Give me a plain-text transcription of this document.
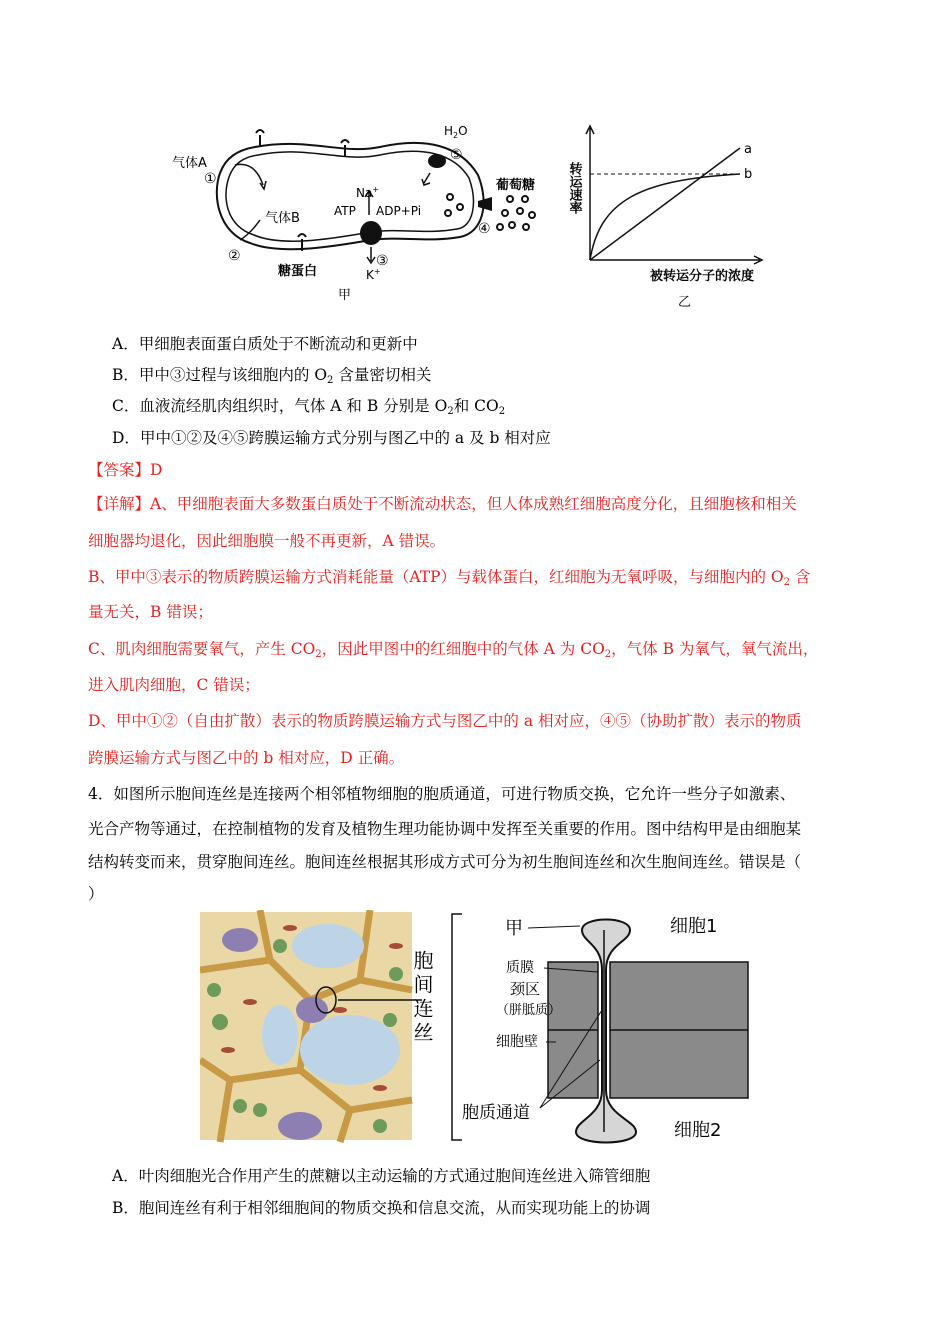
气体A
①
气体B
②
糖蛋白
Na+
ATP ADP+Pi
③
K+
$H_2O$
⑤
葡萄糖
④
甲
a
b
转运速率
被转运分子的浓度
乙
A．甲细胞表面蛋白质处于不断流动和更新中
B．甲中③过程与该细胞内的 $O_2$ 含量密切相关
C．血液流经肌肉组织时，气体 A 和 B 分别是 $O_2$和 $CO_2$
D．甲中①②及④⑤跨膜运输方式分别与图乙中的 a 及 b 相对应
【答案】D
【详解】A、甲细胞表面大多数蛋白质处于不断流动状态，但人体成熟红细胞高度分化，且细胞核和相关
细胞器均退化，因此细胞膜一般不再更新，A 错误。
B、甲中③表示的物质跨膜运输方式消耗能量（ATP）与载体蛋白，红细胞为无氧呼吸，与细胞内的 $O_2$ 含
量无关，B 错误；
C、肌肉细胞需要氧气，产生 $CO_2$，因此甲图中的红细胞中的气体 A 为 $CO_2$，气体 B 为氧气，氧气流出，
进入肌肉细胞，C 错误；
D、甲中①②（自由扩散）表示的物质跨膜运输方式与图乙中的 a 相对应，④⑤（协助扩散）表示的物质
跨膜运输方式与图乙中的 b 相对应，D 正确。
4．如图所示胞间连丝是连接两个相邻植物细胞的胞质通道，可进行物质交换，它允许一些分子如激素、
光合产物等通过，在控制植物的发育及植物生理功能协调中发挥至关重要的作用。图中结构甲是由细胞某
结构转变而来，贯穿胞间连丝。胞间连丝根据其形成方式可分为初生胞间连丝和次生胞间连丝。错误是（
）
胞间连丝
甲	细胞1
质膜
颈区
（胼胝质）
细胞壁
胞质通道
细胞2
A．叶肉细胞光合作用产生的蔗糖以主动运输的方式通过胞间连丝进入筛管细胞
B．胞间连丝有利于相邻细胞间的物质交换和信息交流，从而实现功能上的协调
